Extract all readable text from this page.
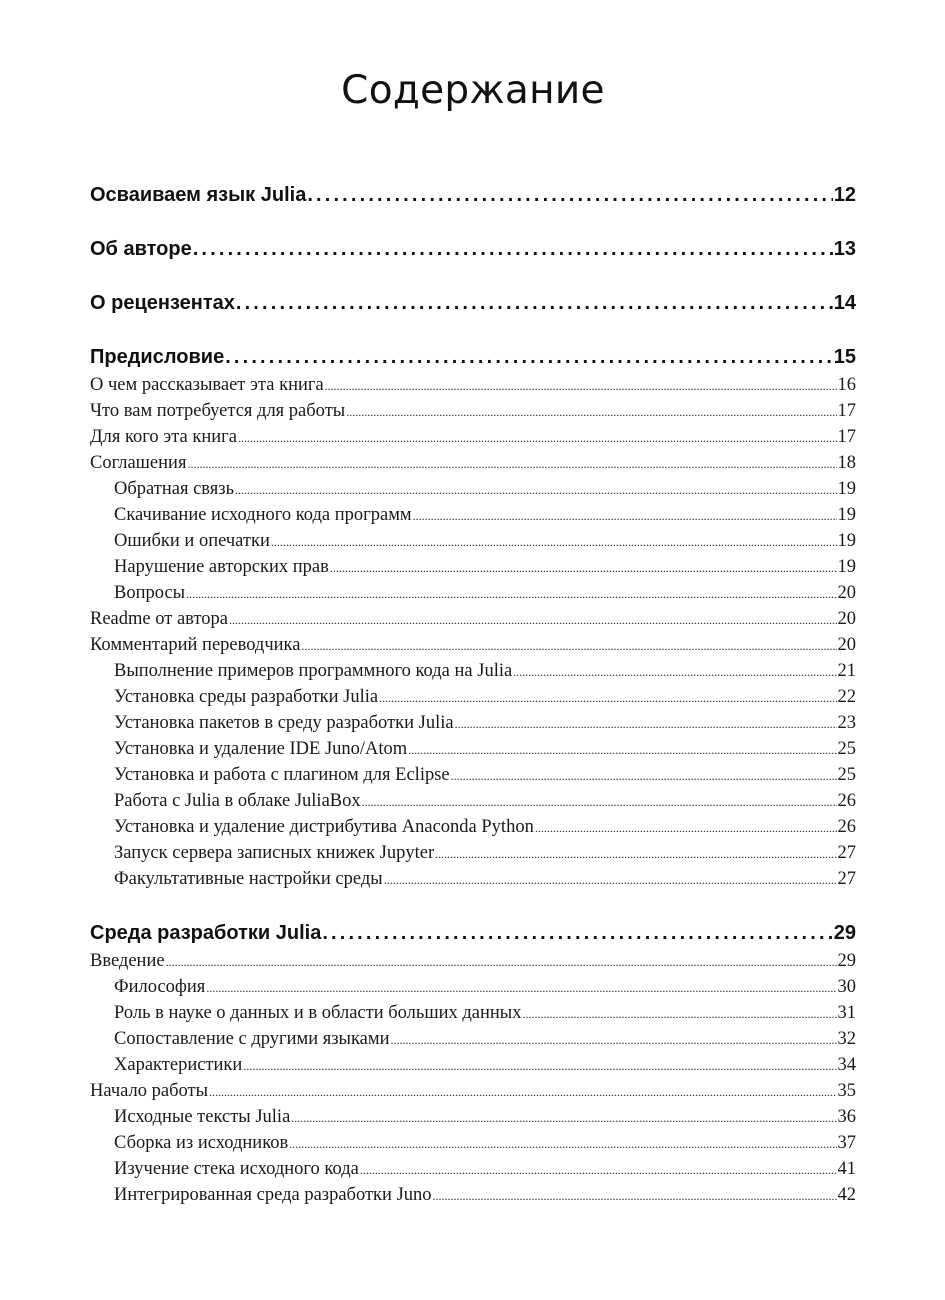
Содержание
Осваиваем язык Julia . . .	12
Об авторе . . .	13
О рецензентах . . .	14
Предисловие . . .	15
О чем рассказывает эта книга .....	16
Что вам потребуется для работы .....	17
Для кого эта книга .....	17
Соглашения .....	18
Обратная связь .....	19
Скачивание исходного кода программ .....	19
Ошибки и опечатки .....	19
Нарушение авторских прав .....	19
Вопросы .....	20
Readme от автора .....	20
Комментарий переводчика .....	20
Выполнение примеров программного кода на Julia .....	21
Установка среды разработки Julia .....	22
Установка пакетов в среду разработки Julia .....	23
Установка и удаление IDE Juno/Atom .....	25
Установка и работа с плагином для Eclipse .....	25
Работа с Julia в облаке JuliaBox .....	26
Установка и удаление дистрибутива Anaconda Python .....	26
Запуск сервера записных книжек Jupyter .....	27
Факультативные настройки среды .....	27
Среда разработки Julia . . .	29
Введение .....	29
Философия .....	30
Роль в науке о данных и в области больших данных .....	31
Сопоставление с другими языками .....	32
Характеристики .....	34
Начало работы .....	35
Исходные тексты Julia .....	36
Сборка из исходников .....	37
Изучение стека исходного кода .....	41
Интегрированная среда разработки Juno .....	42
